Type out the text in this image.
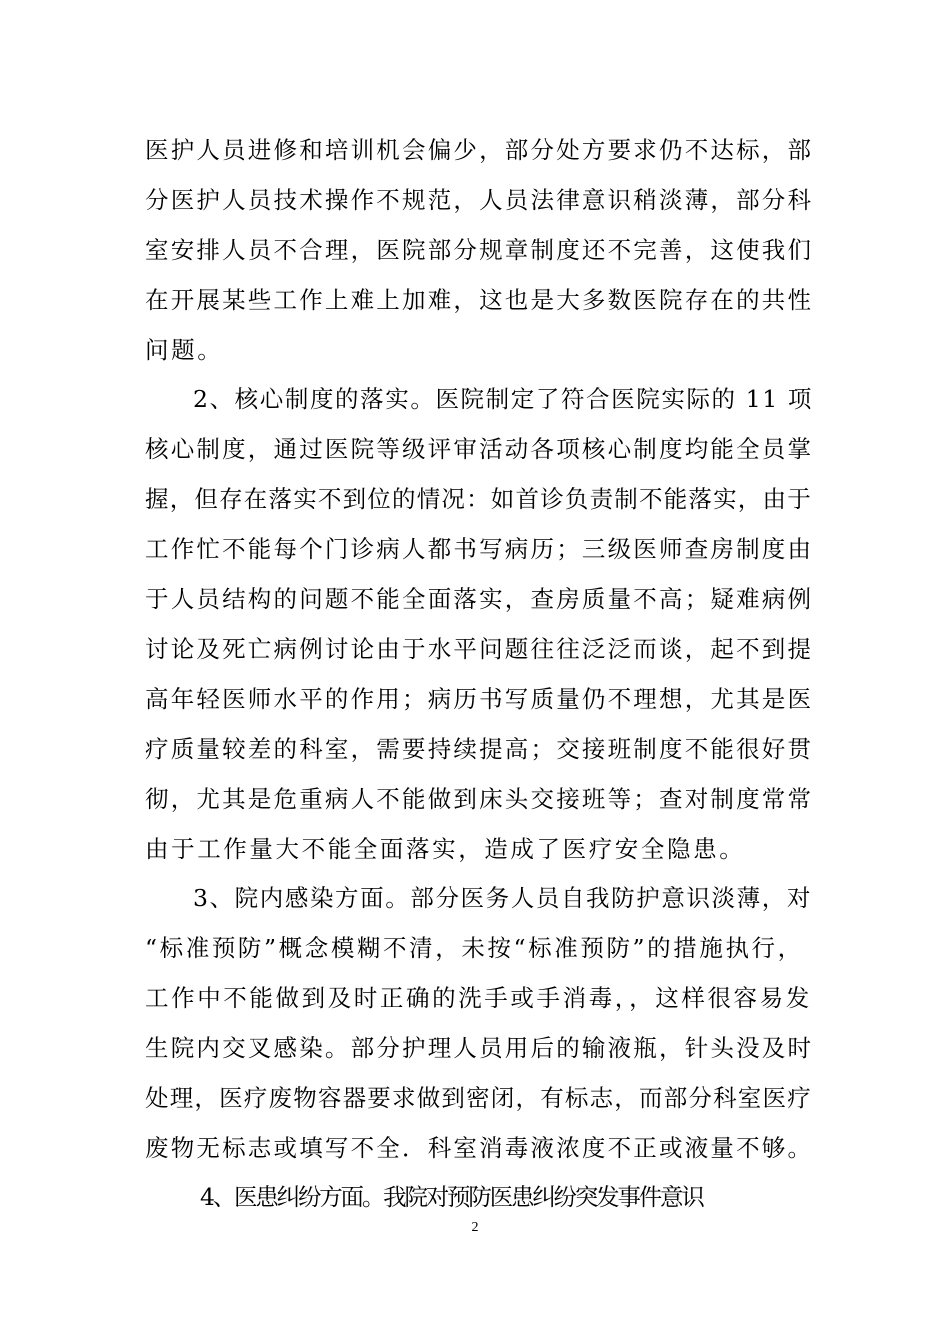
医护人员进修和培训机会偏少，部分处方要求仍不达标，部
分医护人员技术操作不规范，人员法律意识稍淡薄，部分科
室安排人员不合理，医院部分规章制度还不完善，这使我们
在开展某些工作上难上加难，这也是大多数医院存在的共性
问题。
2、核心制度的落实。医院制定了符合医院实际的 11 项
核心制度，通过医院等级评审活动各项核心制度均能全员掌
握，但存在落实不到位的情况：如首诊负责制不能落实，由于
工作忙不能每个门诊病人都书写病历；三级医师查房制度由
于人员结构的问题不能全面落实，查房质量不高；疑难病例
讨论及死亡病例讨论由于水平问题往往泛泛而谈，起不到提
高年轻医师水平的作用；病历书写质量仍不理想，尤其是医
疗质量较差的科室，需要持续提高；交接班制度不能很好贯
彻，尤其是危重病人不能做到床头交接班等；查对制度常常
由于工作量大不能全面落实，造成了医疗安全隐患。
3、院内感染方面。部分医务人员自我防护意识淡薄，对
“标准预防”概念模糊不清，未按“标准预防”的措施执行，
工作中不能做到及时正确的洗手或手消毒，，这样很容易发
生院内交叉感染。部分护理人员用后的输液瓶，针头没及时
处理，医疗废物容器要求做到密闭，有标志，而部分科室医疗
废物无标志或填写不全．科室消毒液浓度不正或液量不够。
4、医患纠纷方面。我院对预防医患纠纷突发事件意识
2
